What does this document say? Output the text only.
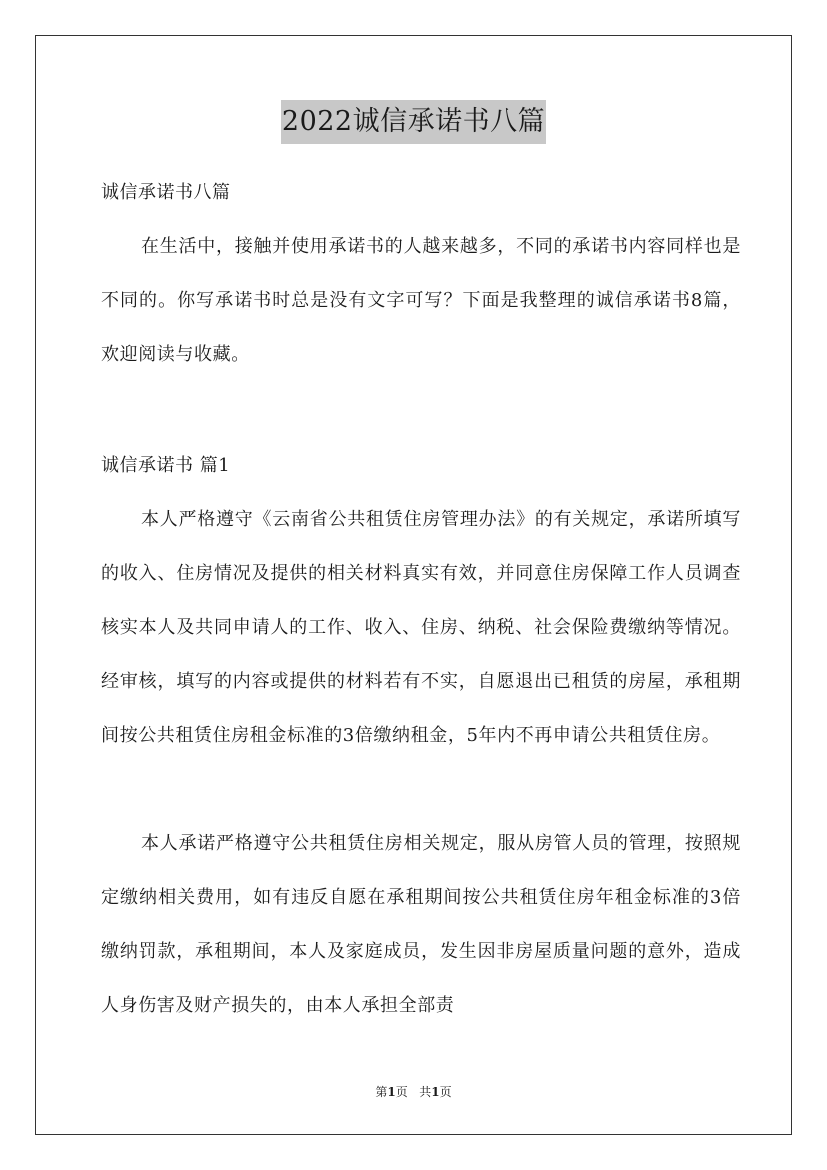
2022诚信承诺书八篇
诚信承诺书八篇

在生活中，接触并使用承诺书的人越来越多，不同的承诺书内容同样也是不同的。你写承诺书时总是没有文字可写？下面是我整理的诚信承诺书8篇，欢迎阅读与收藏。

诚信承诺书 篇1

本人严格遵守《云南省公共租赁住房管理办法》的有关规定，承诺所填写的收入、住房情况及提供的相关材料真实有效，并同意住房保障工作人员调查核实本人及共同申请人的工作、收入、住房、纳税、社会保险费缴纳等情况。经审核，填写的内容或提供的材料若有不实，自愿退出已租赁的房屋，承租期间按公共租赁住房租金标准的3倍缴纳租金，5年内不再申请公共租赁住房。

本人承诺严格遵守公共租赁住房相关规定，服从房管人员的管理，按照规定缴纳相关费用，如有违反自愿在承租期间按公共租赁住房年租金标准的3倍缴纳罚款，承租期间，本人及家庭成员，发生因非房屋质量问题的意外，造成人身伤害及财产损失的，由本人承担全部责

第1页 共1页
